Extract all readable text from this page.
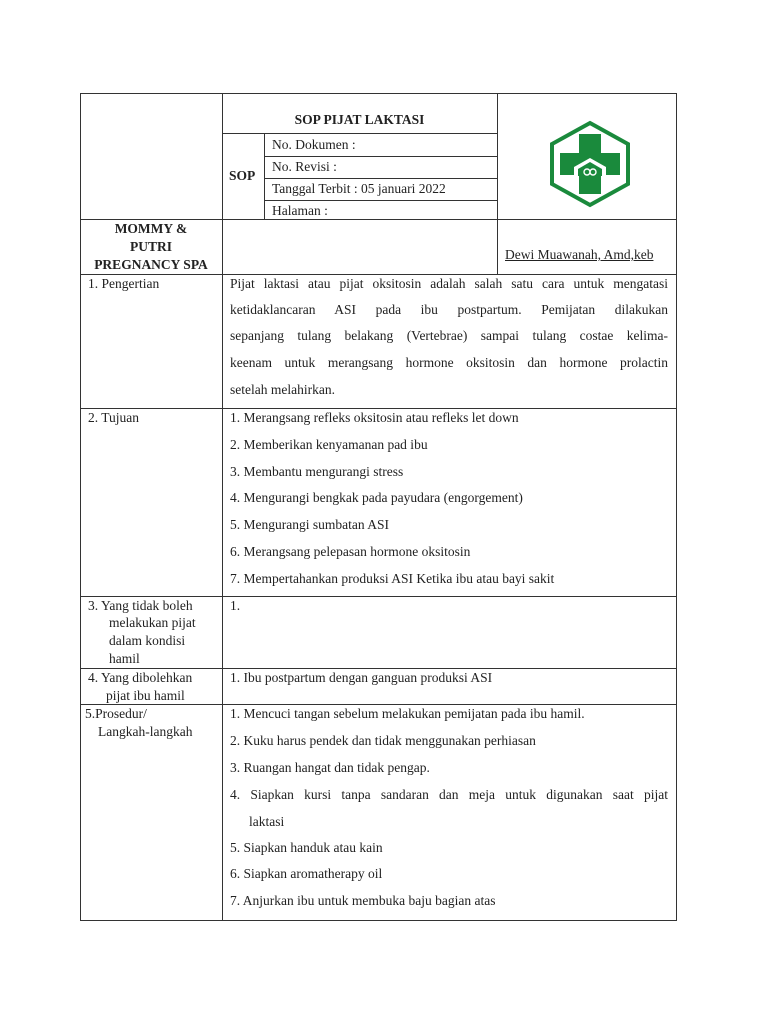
SOP PIJAT LAKTASI
SOP
No. Dokumen :
No. Revisi :
Tanggal Terbit : 05 januari 2022
Halaman :
MOMMY &
PUTRI
PREGNANCY SPA
Dewi Muawanah, Amd,keb
1. Pengertian	Pijat laktasi atau pijat oksitosin adalah salah satu cara untuk mengatasi
ketidaklancaran ASI pada ibu postpartum. Pemijatan dilakukan
sepanjang tulang belakang (Vertebrae) sampai tulang costae kelima-
keenam untuk merangsang hormone oksitosin dan hormone prolactin
setelah melahirkan.
2. Tujuan	1. Merangsang refleks oksitosin atau refleks let down
2. Memberikan kenyamanan pad ibu
3. Membantu mengurangi stress
4. Mengurangi bengkak pada payudara (engorgement)
5. Mengurangi sumbatan ASI
6. Merangsang pelepasan hormone oksitosin
7. Mempertahankan produksi ASI Ketika ibu atau bayi sakit
3. Yang tidak boleh
melakukan pijat
dalam kondisi
hamil
1.
4. Yang dibolehkan
pijat ibu hamil
1. Ibu postpartum dengan ganguan produksi ASI
5.Prosedur/
Langkah-langkah
1. Mencuci tangan sebelum melakukan pemijatan pada ibu hamil.
2. Kuku harus pendek dan tidak menggunakan perhiasan
3. Ruangan hangat dan tidak pengap.
4. Siapkan kursi tanpa sandaran dan meja untuk digunakan saat pijat
laktasi
5. Siapkan handuk atau kain
6. Siapkan aromatherapy oil
7. Anjurkan ibu untuk membuka baju bagian atas
